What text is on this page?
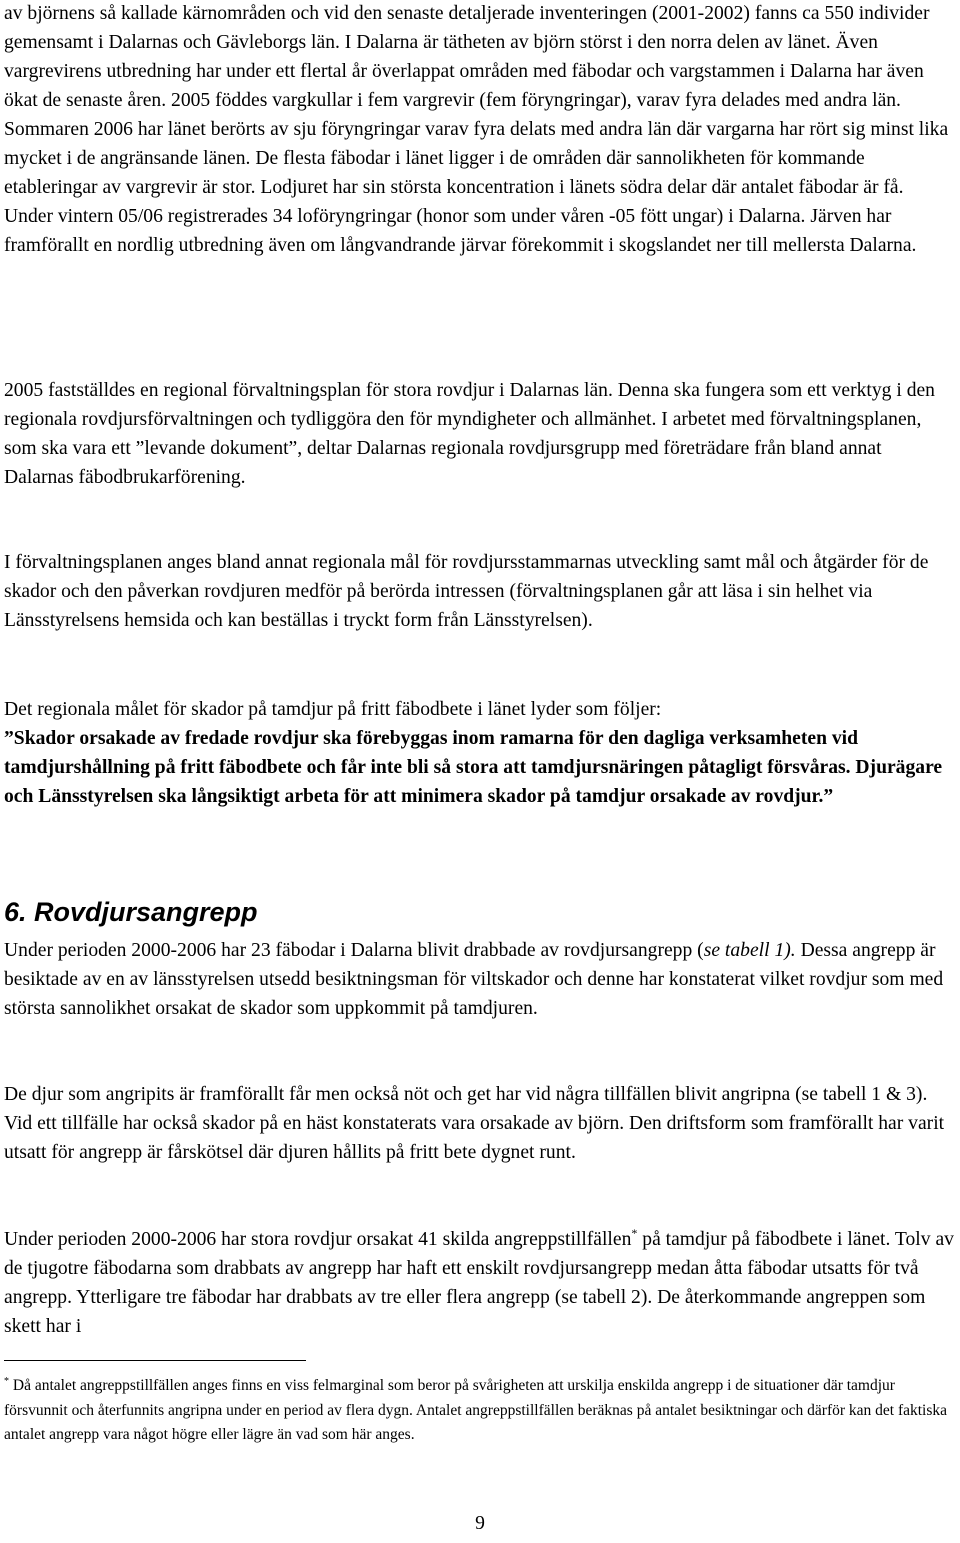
av björnens så kallade kärnområden och vid den senaste detaljerade inventeringen (2001-2002) fanns ca 550 individer gemensamt i Dalarnas och Gävleborgs län. I Dalarna är tätheten av björn störst i den norra delen av länet. Även vargrevirens utbredning har under ett flertal år överlappat områden med fäbodar och vargstammen i Dalarna har även ökat de senaste åren. 2005 föddes vargkullar i fem vargrevir (fem föryngringar), varav fyra delades med andra län. Sommaren 2006 har länet berörts av sju föryngringar varav fyra delats med andra län där vargarna har rört sig minst lika mycket i de angränsande länen. De flesta fäbodar i länet ligger i de områden där sannolikheten för kommande etableringar av vargrevir är stor. Lodjuret har sin största koncentration i länets södra delar där antalet fäbodar är få. Under vintern 05/06 registrerades 34 loföryngringar (honor som under våren -05 fött ungar) i Dalarna. Järven har framförallt en nordlig utbredning även om långvandrande järvar förekommit i skogslandet ner till mellersta Dalarna.

2005 fastställdes en regional förvaltningsplan för stora rovdjur i Dalarnas län. Denna ska fungera som ett verktyg i den regionala rovdjursförvaltningen och tydliggöra den för myndigheter och allmänhet. I arbetet med förvaltningsplanen, som ska vara ett ”levande dokument”, deltar Dalarnas regionala rovdjursgrupp med företrädare från bland annat Dalarnas fäbodbrukarförening.

I förvaltningsplanen anges bland annat regionala mål för rovdjursstammarnas utveckling samt mål och åtgärder för de skador och den påverkan rovdjuren medför på berörda intressen (förvaltningsplanen går att läsa i sin helhet via Länsstyrelsens hemsida och kan beställas i tryckt form från Länsstyrelsen).

Det regionala målet för skador på tamdjur på fritt fäbodbete i länet lyder som följer:
”Skador orsakade av fredade rovdjur ska förebyggas inom ramarna för den dagliga verksamheten vid tamdjurshållning på fritt fäbodbete och får inte bli så stora att tamdjursnäringen påtagligt försvåras. Djurägare och Länsstyrelsen ska långsiktigt arbeta för att minimera skador på tamdjur orsakade av rovdjur.”

6. Rovdjursangrepp

Under perioden 2000-2006 har 23 fäbodar i Dalarna blivit drabbade av rovdjursangrepp (se tabell 1). Dessa angrepp är besiktade av en av länsstyrelsen utsedd besiktningsman för viltskador och denne har konstaterat vilket rovdjur som med största sannolikhet orsakat de skador som uppkommit på tamdjuren.

De djur som angripits är framförallt får men också nöt och get har vid några tillfällen blivit angripna (se tabell 1 & 3). Vid ett tillfälle har också skador på en häst konstaterats vara orsakade av björn. Den driftsform som framförallt har varit utsatt för angrepp är fårskötsel där djuren hållits på fritt bete dygnet runt.

Under perioden 2000-2006 har stora rovdjur orsakat 41 skilda angreppstillfällen* på tamdjur på fäbodbete i länet. Tolv av de tjugotre fäbodarna som drabbats av angrepp har haft ett enskilt rovdjursangrepp medan åtta fäbodar utsatts för två angrepp. Ytterligare tre fäbodar har drabbats av tre eller flera angrepp (se tabell 2). De återkommande angreppen som skett har i

* Då antalet angreppstillfällen anges finns en viss felmarginal som beror på svårigheten att urskilja enskilda angrepp i de situationer där tamdjur försvunnit och återfunnits angripna under en period av flera dygn. Antalet angreppstillfällen beräknas på antalet besiktningar och därför kan det faktiska antalet angrepp vara något högre eller lägre än vad som här anges.

9
